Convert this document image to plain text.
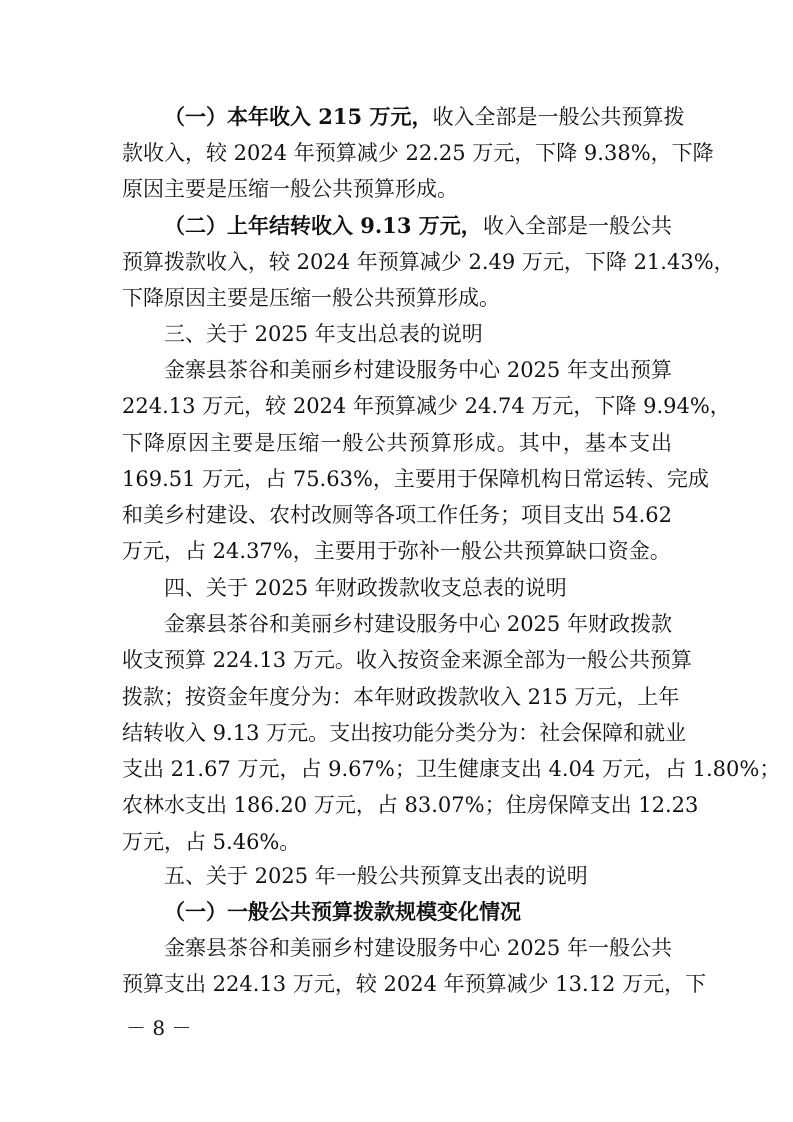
（一）本年收入 215 万元， 收入全部是一般公共预算拨
款收入，较 2024 年预算减少 22.25 万元，下降 9.38%，下降
原因主要是压缩一般公共预算形成。
（二）上年结转收入 9.13 万元， 收入全部是一般公共
预算拨款收入，较 2024 年预算减少 2.49 万元，下降 21.43%，
下降原因主要是压缩一般公共预算形成。
三、关于 2025 年支出总表的说明
金寨县茶谷和美丽乡村建设服务中心 2025 年支出预算
224.13 万元，较 2024 年预算减少 24.74 万元，下降 9.94%，
下降原因主要是压缩一般公共预算形成。其中，基本支出
169.51 万元，占 75.63%，主要用于保障机构日常运转、完成
和美乡村建设、农村改厕等各项工作任务；项目支出 54.62
万元，占 24.37%，主要用于弥补一般公共预算缺口资金。
四、关于 2025 年财政拨款收支总表的说明
金寨县茶谷和美丽乡村建设服务中心 2025 年财政拨款
收支预算 224.13 万元。收入按资金来源全部为一般公共预算
拨款；按资金年度分为：本年财政拨款收入 215 万元，上年
结转收入 9.13 万元。支出按功能分类分为：社会保障和就业
支出 21.67 万元，占 9.67%；卫生健康支出 4.04 万元，占 1.80%；
农林水支出 186.20 万元，占 83.07%；住房保障支出 12.23
万元，占 5.46%。
五、关于 2025 年一般公共预算支出表的说明
（一）一般公共预算拨款规模变化情况
金寨县茶谷和美丽乡村建设服务中心 2025 年一般公共
预算支出 224.13 万元，较 2024 年预算减少 13.12 万元，下
－ 8 －
